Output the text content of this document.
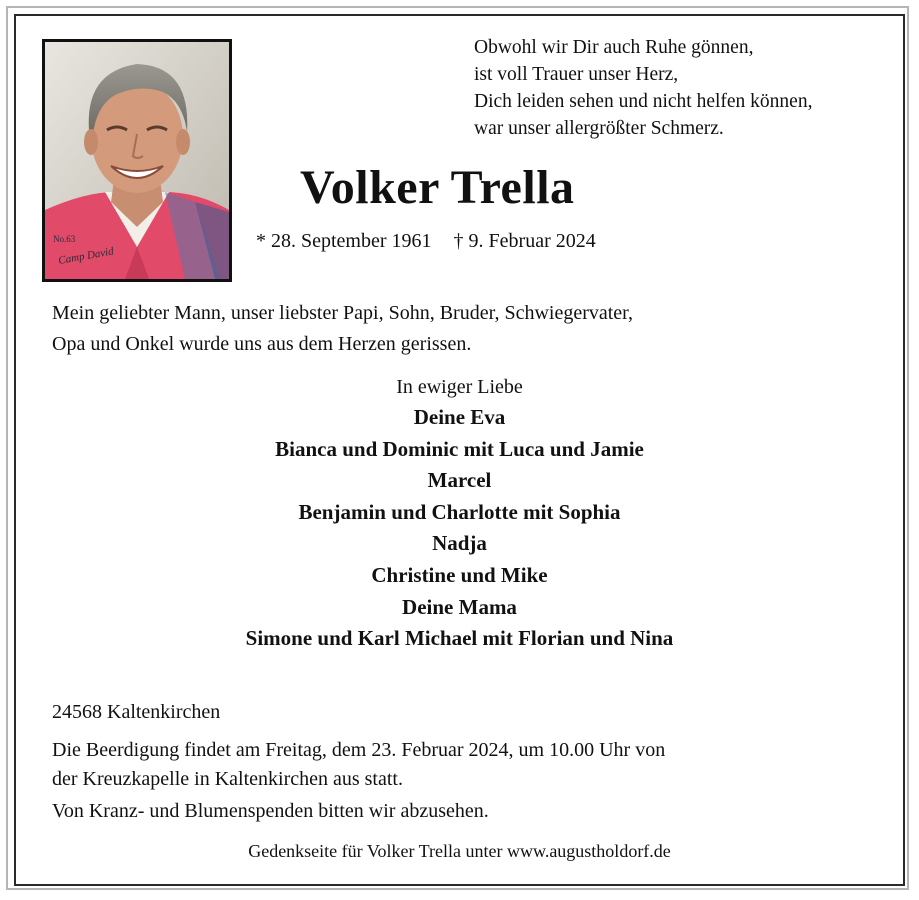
No.63
Camp David
Obwohl wir Dir auch Ruhe gönnen,
ist voll Trauer unser Herz,
Dich leiden sehen und nicht helfen können,
war unser allergrößter Schmerz.
Volker Trella
* 28. September 1961 † 9. Februar 2024
Mein geliebter Mann, unser liebster Papi, Sohn, Bruder, Schwiegervater,
Opa und Onkel wurde uns aus dem Herzen gerissen.
In ewiger Liebe
Deine Eva
Bianca und Dominic mit Luca und Jamie
Marcel
Benjamin und Charlotte mit Sophia
Nadja
Christine und Mike
Deine Mama
Simone und Karl Michael mit Florian und Nina
24568 Kaltenkirchen
Die Beerdigung findet am Freitag, dem 23. Februar 2024, um 10.00 Uhr von
der Kreuzkapelle in Kaltenkirchen aus statt.
Von Kranz- und Blumenspenden bitten wir abzusehen.
Gedenkseite für Volker Trella unter www.augustholdorf.de
